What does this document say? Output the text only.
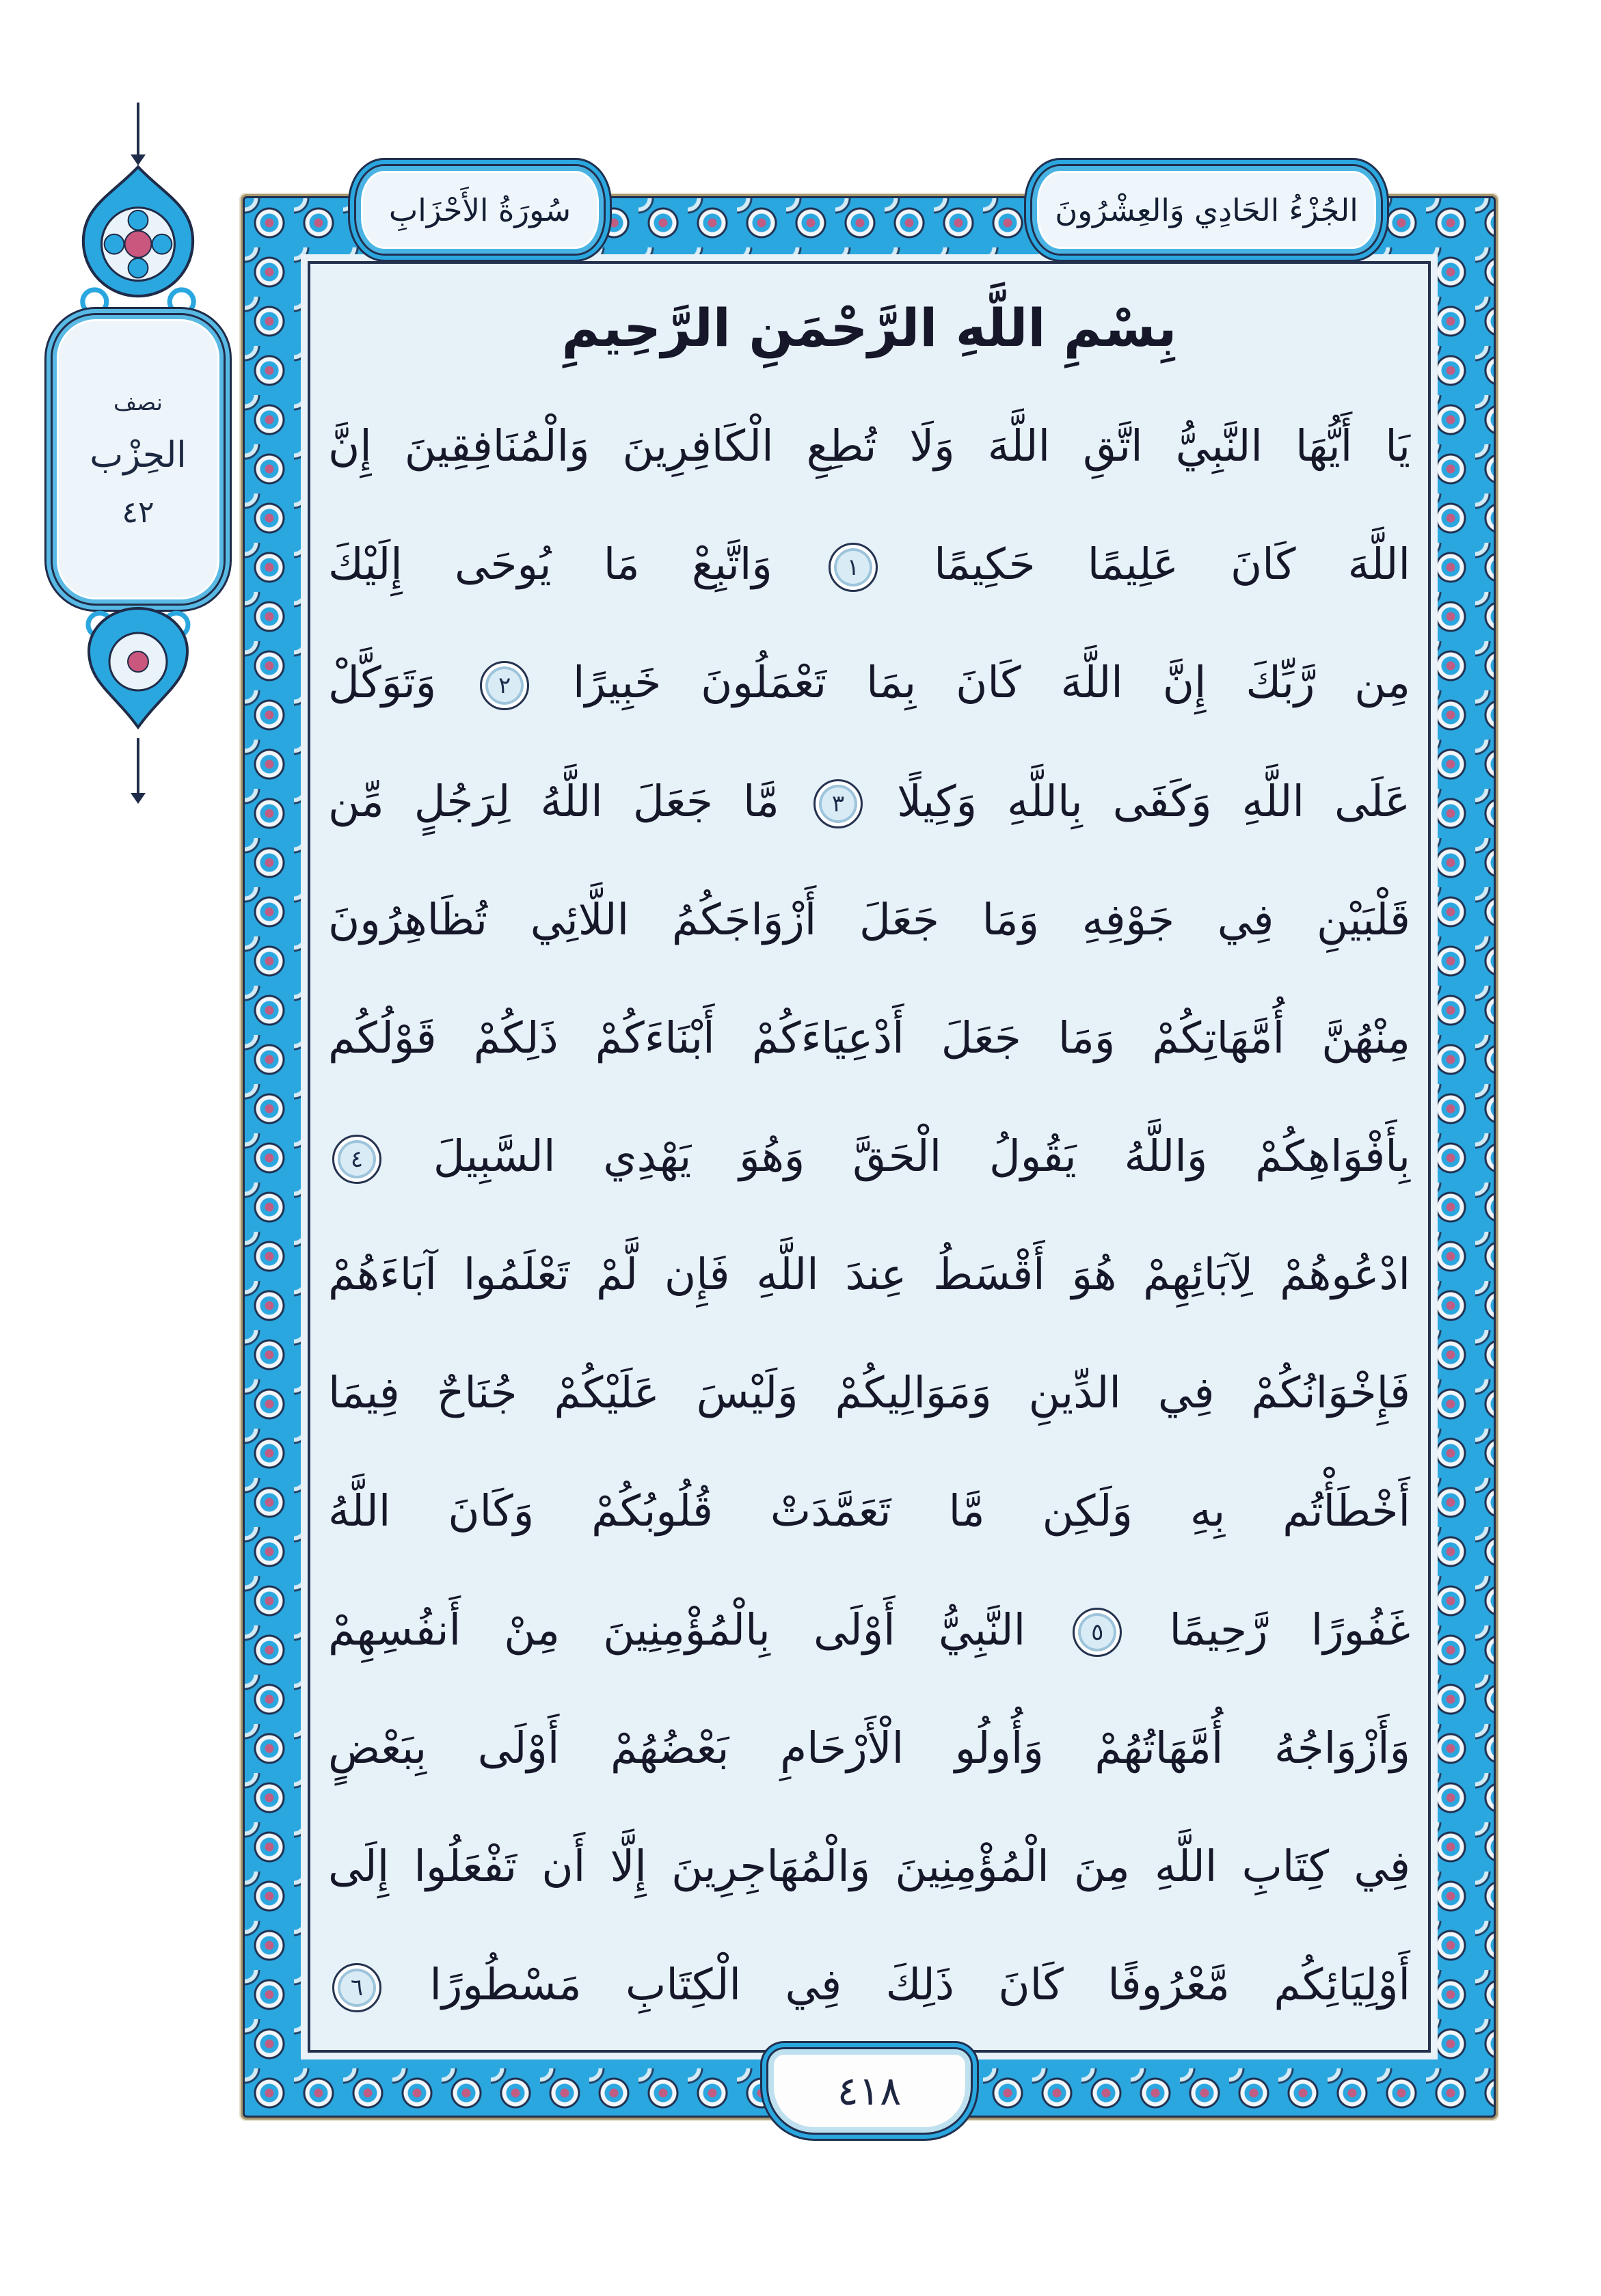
نصف
الحِزْب
٤٢
سُورَةُ الأَحْزَابِ	الجُزْءُ الحَادِي وَالعِشْرُونَ
بِسْمِ اللَّهِ الرَّحْمَنِ الرَّحِيمِ
يَا أَيُّهَا النَّبِيُّ اتَّقِ اللَّهَ وَلَا تُطِعِ الْكَافِرِينَ وَالْمُنَافِقِينَ إِنَّ
اللَّهَ كَانَ عَلِيمًا حَكِيمًا
١
وَاتَّبِعْ مَا يُوحَى إِلَيْكَ
مِن رَّبِّكَ إِنَّ اللَّهَ كَانَ بِمَا تَعْمَلُونَ خَبِيرًا
٢
وَتَوَكَّلْ
عَلَى اللَّهِ وَكَفَى بِاللَّهِ وَكِيلًا
٣
مَّا جَعَلَ اللَّهُ لِرَجُلٍ مِّن
قَلْبَيْنِ فِي جَوْفِهِ وَمَا جَعَلَ أَزْوَاجَكُمُ اللَّائِي تُظَاهِرُونَ
مِنْهُنَّ أُمَّهَاتِكُمْ وَمَا جَعَلَ أَدْعِيَاءَكُمْ أَبْنَاءَكُمْ ذَلِكُمْ قَوْلُكُم
بِأَفْوَاهِكُمْ وَاللَّهُ يَقُولُ الْحَقَّ وَهُوَ يَهْدِي السَّبِيلَ
٤
ادْعُوهُمْ لِآبَائِهِمْ هُوَ أَقْسَطُ عِندَ اللَّهِ فَإِن لَّمْ تَعْلَمُوا آبَاءَهُمْ
فَإِخْوَانُكُمْ فِي الدِّينِ وَمَوَالِيكُمْ وَلَيْسَ عَلَيْكُمْ جُنَاحٌ فِيمَا
أَخْطَأْتُم بِهِ وَلَكِن مَّا تَعَمَّدَتْ قُلُوبُكُمْ وَكَانَ اللَّهُ
غَفُورًا رَّحِيمًا
٥
النَّبِيُّ أَوْلَى بِالْمُؤْمِنِينَ مِنْ أَنفُسِهِمْ
وَأَزْوَاجُهُ أُمَّهَاتُهُمْ وَأُولُو الْأَرْحَامِ بَعْضُهُمْ أَوْلَى بِبَعْضٍ
فِي كِتَابِ اللَّهِ مِنَ الْمُؤْمِنِينَ وَالْمُهَاجِرِينَ إِلَّا أَن تَفْعَلُوا إِلَى
أَوْلِيَائِكُم مَّعْرُوفًا كَانَ ذَلِكَ فِي الْكِتَابِ مَسْطُورًا
٦
٤١٨
